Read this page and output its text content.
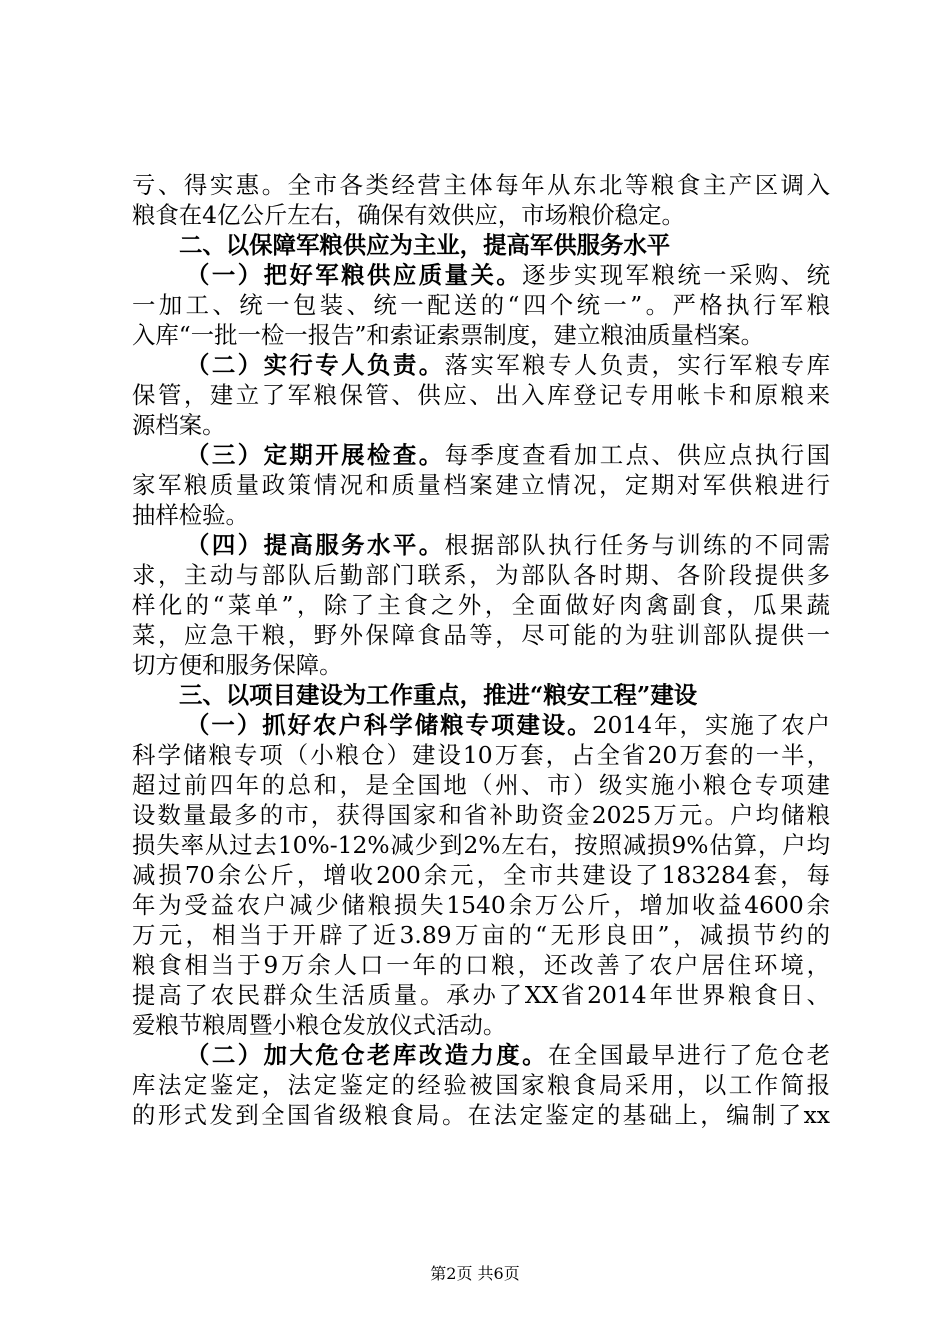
亏、得实惠。全市各类经营主体每年从东北等粮食主产区调入
粮食在4亿公斤左右，确保有效供应，市场粮价稳定。
二、以保障军粮供应为主业，提高军供服务水平
（一）把好军粮供应质量关。逐步实现军粮统一采购、统
一加工、统一包装、统一配送的“四个统一”。严格执行军粮
入库“一批一检一报告”和索证索票制度，建立粮油质量档案。
（二）实行专人负责。落实军粮专人负责，实行军粮专库
保管，建立了军粮保管、供应、出入库登记专用帐卡和原粮来
源档案。
（三）定期开展检查。每季度查看加工点、供应点执行国
家军粮质量政策情况和质量档案建立情况，定期对军供粮进行
抽样检验。
（四）提高服务水平。根据部队执行任务与训练的不同需
求，主动与部队后勤部门联系，为部队各时期、各阶段提供多
样化的“菜单”，除了主食之外，全面做好肉禽副食，瓜果蔬
菜，应急干粮，野外保障食品等，尽可能的为驻训部队提供一
切方便和服务保障。
三、以项目建设为工作重点，推进“粮安工程”建设
（一）抓好农户科学储粮专项建设。2014年，实施了农户
科学储粮专项（小粮仓）建设10万套，占全省20万套的一半，
超过前四年的总和，是全国地（州、市）级实施小粮仓专项建
设数量最多的市，获得国家和省补助资金2025万元。户均储粮
损失率从过去10%-12%减少到2%左右，按照减损9%估算，户均
减损70余公斤，增收200余元，全市共建设了183284套，每
年为受益农户减少储粮损失1540余万公斤，增加收益4600余
万元，相当于开辟了近3.89万亩的“无形良田”，减损节约的
粮食相当于9万余人口一年的口粮，还改善了农户居住环境，
提高了农民群众生活质量。承办了XX省2014年世界粮食日、
爱粮节粮周暨小粮仓发放仪式活动。
（二）加大危仓老库改造力度。在全国最早进行了危仓老
库法定鉴定，法定鉴定的经验被国家粮食局采用，以工作简报
的形式发到全国省级粮食局。在法定鉴定的基础上，编制了xx
第2页 共6页
